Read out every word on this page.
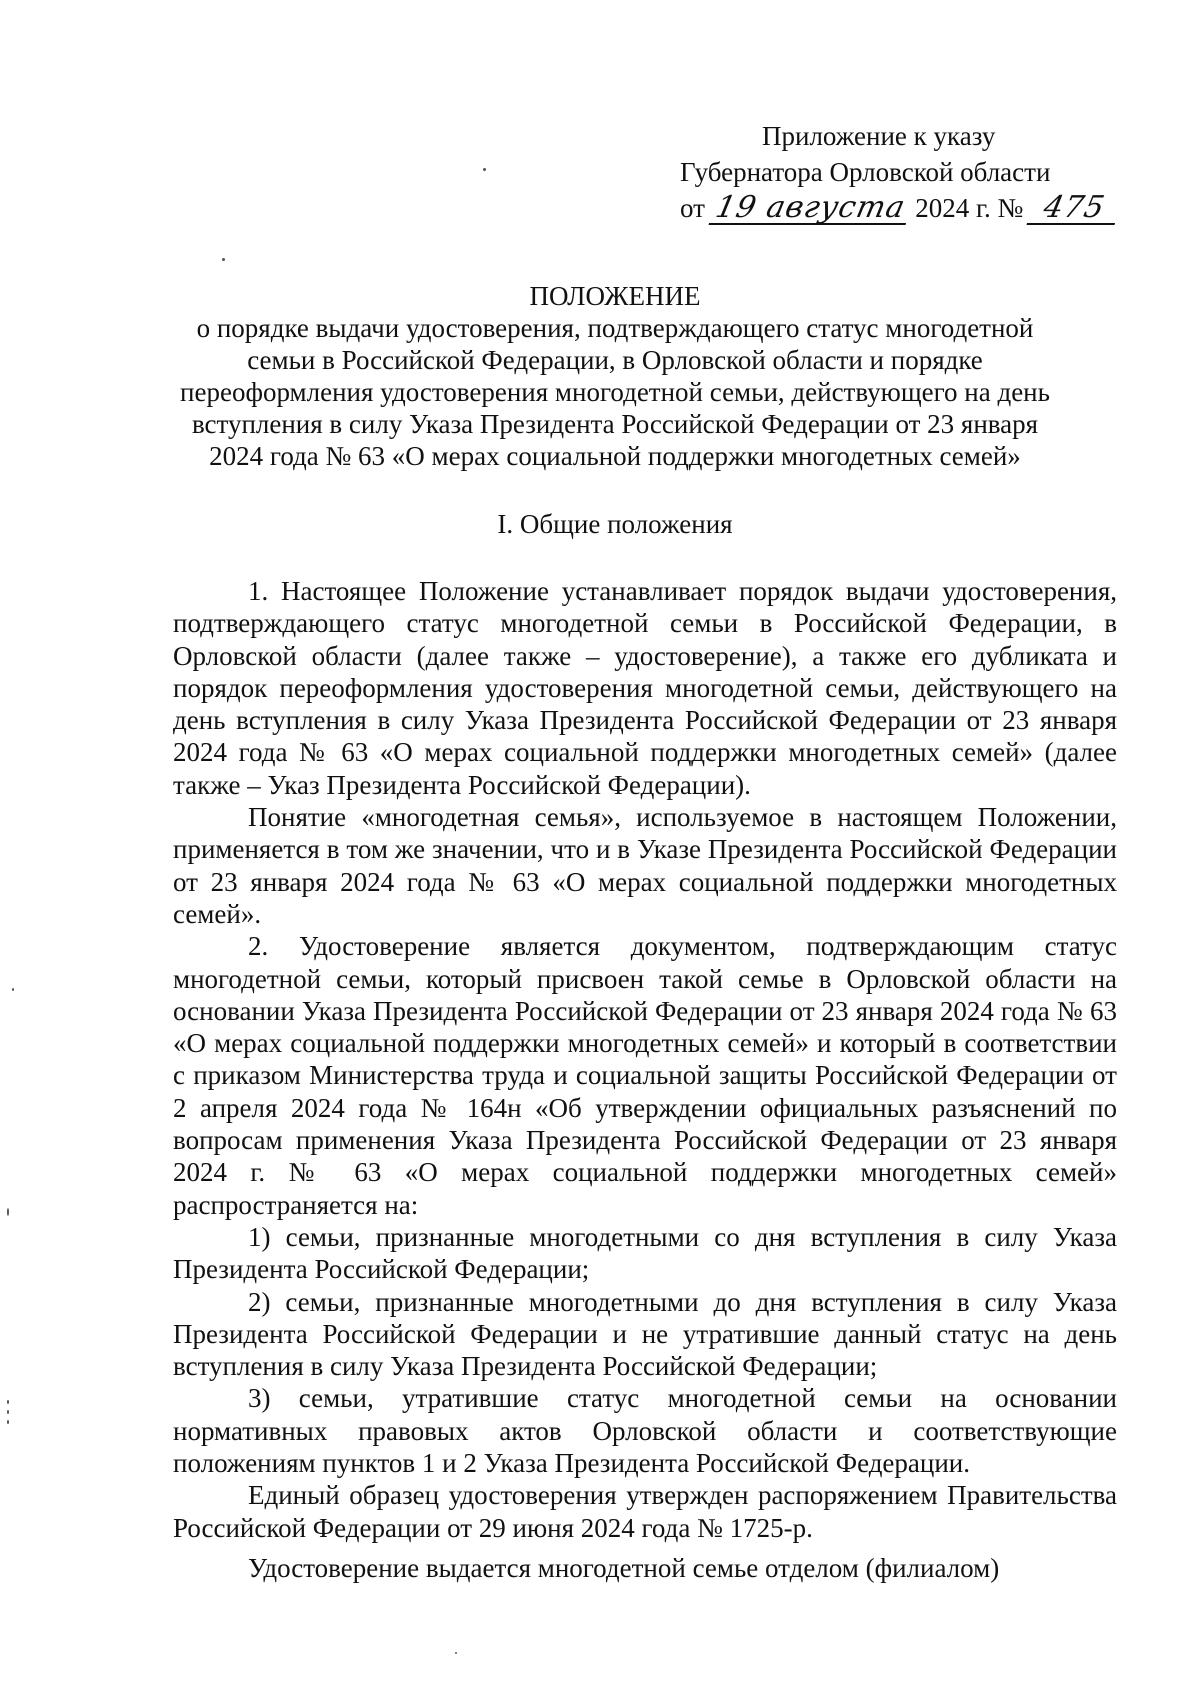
Приложение к указу
Губернатора Орловской области
от 19 августа 2024 г. № 475
ПОЛОЖЕНИЕ
о порядке выдачи удостоверения, подтверждающего статус многодетной семьи в Российской Федерации, в Орловской области и порядке переоформления удостоверения многодетной семьи, действующего на день вступления в силу Указа Президента Российской Федерации от 23 января 2024 года № 63 «О мерах социальной поддержки многодетных семей»
I. Общие положения

1. Настоящее Положение устанавливает порядок выдачи удостоверения, подтверждающего статус многодетной семьи в Российской Федерации, в Орловской области (далее также – удостоверение), а также его дубликата и порядок переоформления удостоверения многодетной семьи, действующего на день вступления в силу Указа Президента Российской Федерации от 23 января 2024 года № 63 «О мерах социальной поддержки многодетных семей» (далее также – Указ Президента Российской Федерации).

Понятие «многодетная семья», используемое в настоящем Положении, применяется в том же значении, что и в Указе Президента Российской Федерации от 23 января 2024 года № 63 «О мерах социальной поддержки многодетных семей».

2. Удостоверение является документом, подтверждающим статус многодетной семьи, который присвоен такой семье в Орловской области на основании Указа Президента Российской Федерации от 23 января 2024 года № 63 «О мерах социальной поддержки многодетных семей» и который в соответствии с приказом Министерства труда и социальной защиты Российской Федерации от 2 апреля 2024 года № 164н «Об утверждении официальных разъяснений по вопросам применения Указа Президента Российской Федерации от 23 января 2024 г. № 63 «О мерах социальной поддержки многодетных семей» распространяется на:

1) семьи, признанные многодетными со дня вступления в силу Указа Президента Российской Федерации;

2) семьи, признанные многодетными до дня вступления в силу Указа Президента Российской Федерации и не утратившие данный статус на день вступления в силу Указа Президента Российской Федерации;

3) семьи, утратившие статус многодетной семьи на основании нормативных правовых актов Орловской области и соответствующие положениям пунктов 1 и 2 Указа Президента Российской Федерации.

Единый образец удостоверения утвержден распоряжением Правительства Российской Федерации от 29 июня 2024 года № 1725-р.

Удостоверение выдается многодетной семье отделом (филиалом)
